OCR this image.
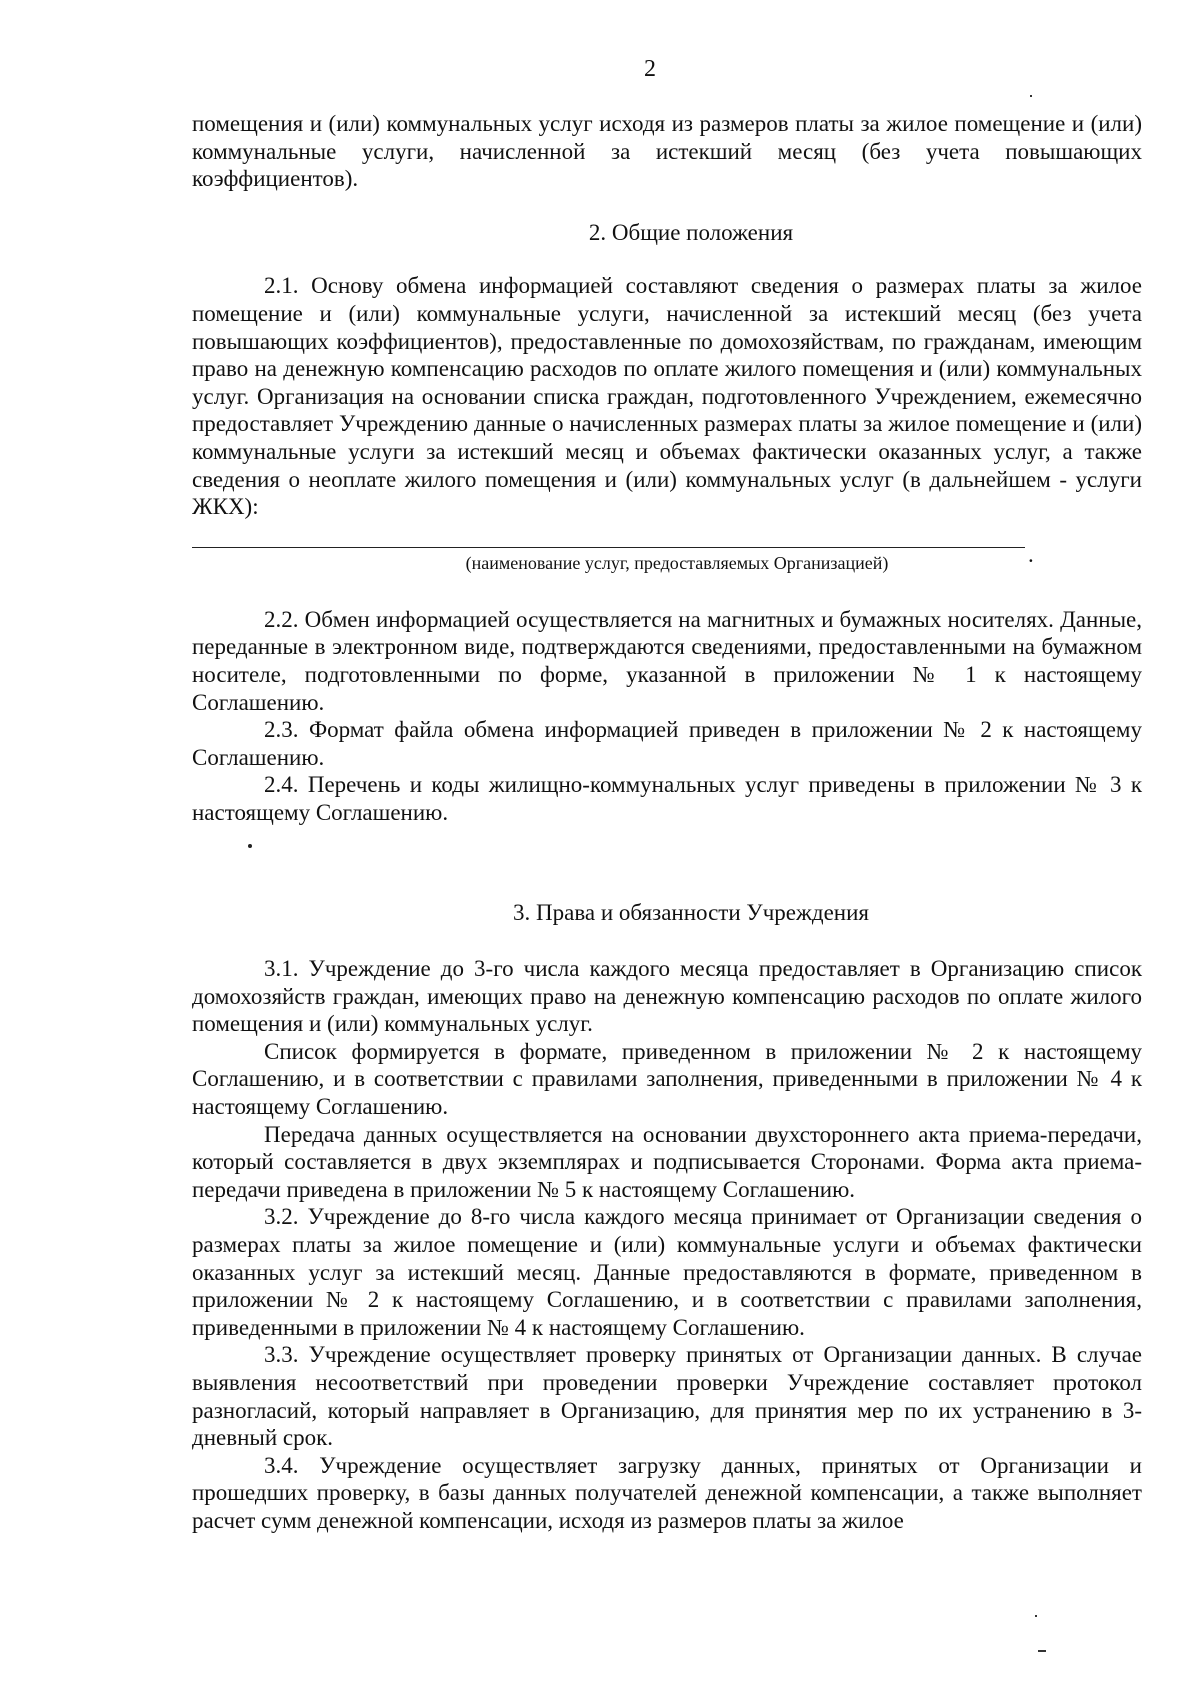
2

помещения и (или) коммунальных услуг исходя из размеров платы за жилое помещение и (или) коммунальные услуги, начисленной за истекший месяц (без учета повышающих коэффициентов).

2. Общие положения

2.1. Основу обмена информацией составляют сведения о размерах платы за жилое помещение и (или) коммунальные услуги, начисленной за истекший месяц (без учета повышающих коэффициентов), предоставленные по домохозяйствам, по гражданам, имеющим право на денежную компенсацию расходов по оплате жилого помещения и (или) коммунальных услуг. Организация на основании списка граждан, подготовленного Учреждением, ежемесячно предоставляет Учреждению данные о начисленных размерах платы за жилое помещение и (или) коммунальные услуги за истекший месяц и объемах фактически оказанных услуг, а также сведения о неоплате жилого помещения и (или) коммунальных услуг (в дальнейшем - услуги ЖКХ):

.

(наименование услуг, предоставляемых Организацией)

2.2. Обмен информацией осуществляется на магнитных и бумажных носителях. Данные, переданные в электронном виде, подтверждаются сведениями, предоставленными на бумажном носителе, подготовленными по форме, указанной в приложении № 1 к настоящему Соглашению.

2.3. Формат файла обмена информацией приведен в приложении № 2 к настоящему Соглашению.

2.4. Перечень и коды жилищно-коммунальных услуг приведены в приложении № 3 к настоящему Соглашению.

3. Права и обязанности Учреждения

3.1. Учреждение до 3-го числа каждого месяца предоставляет в Организацию список домохозяйств граждан, имеющих право на денежную компенсацию расходов по оплате жилого помещения и (или) коммунальных услуг.

Список формируется в формате, приведенном в приложении № 2 к настоящему Соглашению, и в соответствии с правилами заполнения, приведенными в приложении № 4 к настоящему Соглашению.

Передача данных осуществляется на основании двухстороннего акта приема-передачи, который составляется в двух экземплярах и подписывается Сторонами. Форма акта приема-передачи приведена в приложении № 5 к настоящему Соглашению.

3.2. Учреждение до 8-го числа каждого месяца принимает от Организации сведения о размерах платы за жилое помещение и (или) коммунальные услуги и объемах фактически оказанных услуг за истекший месяц. Данные предоставляются в формате, приведенном в приложении № 2 к настоящему Соглашению, и в соответствии с правилами заполнения, приведенными в приложении № 4 к настоящему Соглашению.

3.3. Учреждение осуществляет проверку принятых от Организации данных. В случае выявления несоответствий при проведении проверки Учреждение составляет протокол разногласий, который направляет в Организацию, для принятия мер по их устранению в 3-дневный срок.

3.4. Учреждение осуществляет загрузку данных, принятых от Организации и прошедших проверку, в базы данных получателей денежной компенсации, а также выполняет расчет сумм денежной компенсации, исходя из размеров платы за жилое
